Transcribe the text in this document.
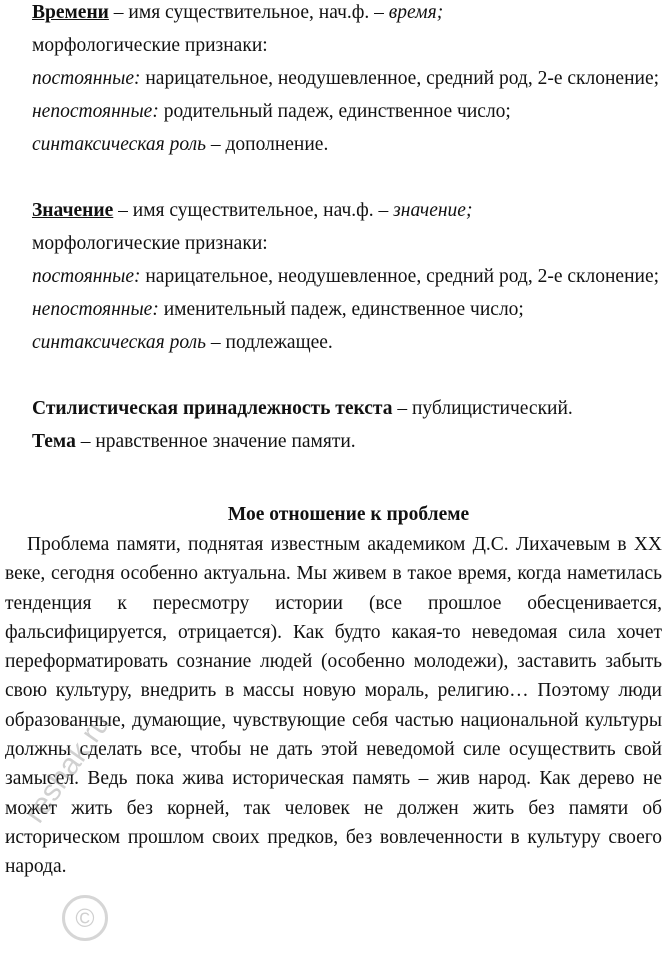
Времени – имя существительное, нач.ф. – время;

морфологические признаки:

постоянные: нарицательное, неодушевленное, средний род, 2-е склонение;

непостоянные: родительный падеж, единственное число;

синтаксическая роль – дополнение.

Значение – имя существительное, нач.ф. – значение;

морфологические признаки:

постоянные: нарицательное, неодушевленное, средний род, 2-е склонение;

непостоянные: именительный падеж, единственное число;

синтаксическая роль – подлежащее.

Стилистическая принадлежность текста – публицистический.

Тема – нравственное значение памяти.

Мое отношение к проблеме

Проблема памяти, поднятая известным академиком Д.С. Лихачевым в XX веке, сегодня особенно актуальна. Мы живем в такое время, когда наметилась тенденция к пересмотру истории (все прошлое обесценивается, фальсифицируется, отрицается). Как будто какая-то неведомая сила хочет переформатировать сознание людей (особенно молодежи), заставить забыть свою культуру, внедрить в массы новую мораль, религию… Поэтому люди образованные, думающие, чувствующие себя частью национальной культуры должны сделать все, чтобы не дать этой неведомой силе осуществить свой замысел. Ведь пока жива историческая память – жив народ. Как дерево не может жить без корней, так человек не должен жить без памяти об историческом прошлом своих предков, без вовлеченности в культуру своего народа.

reshak.ru
©
